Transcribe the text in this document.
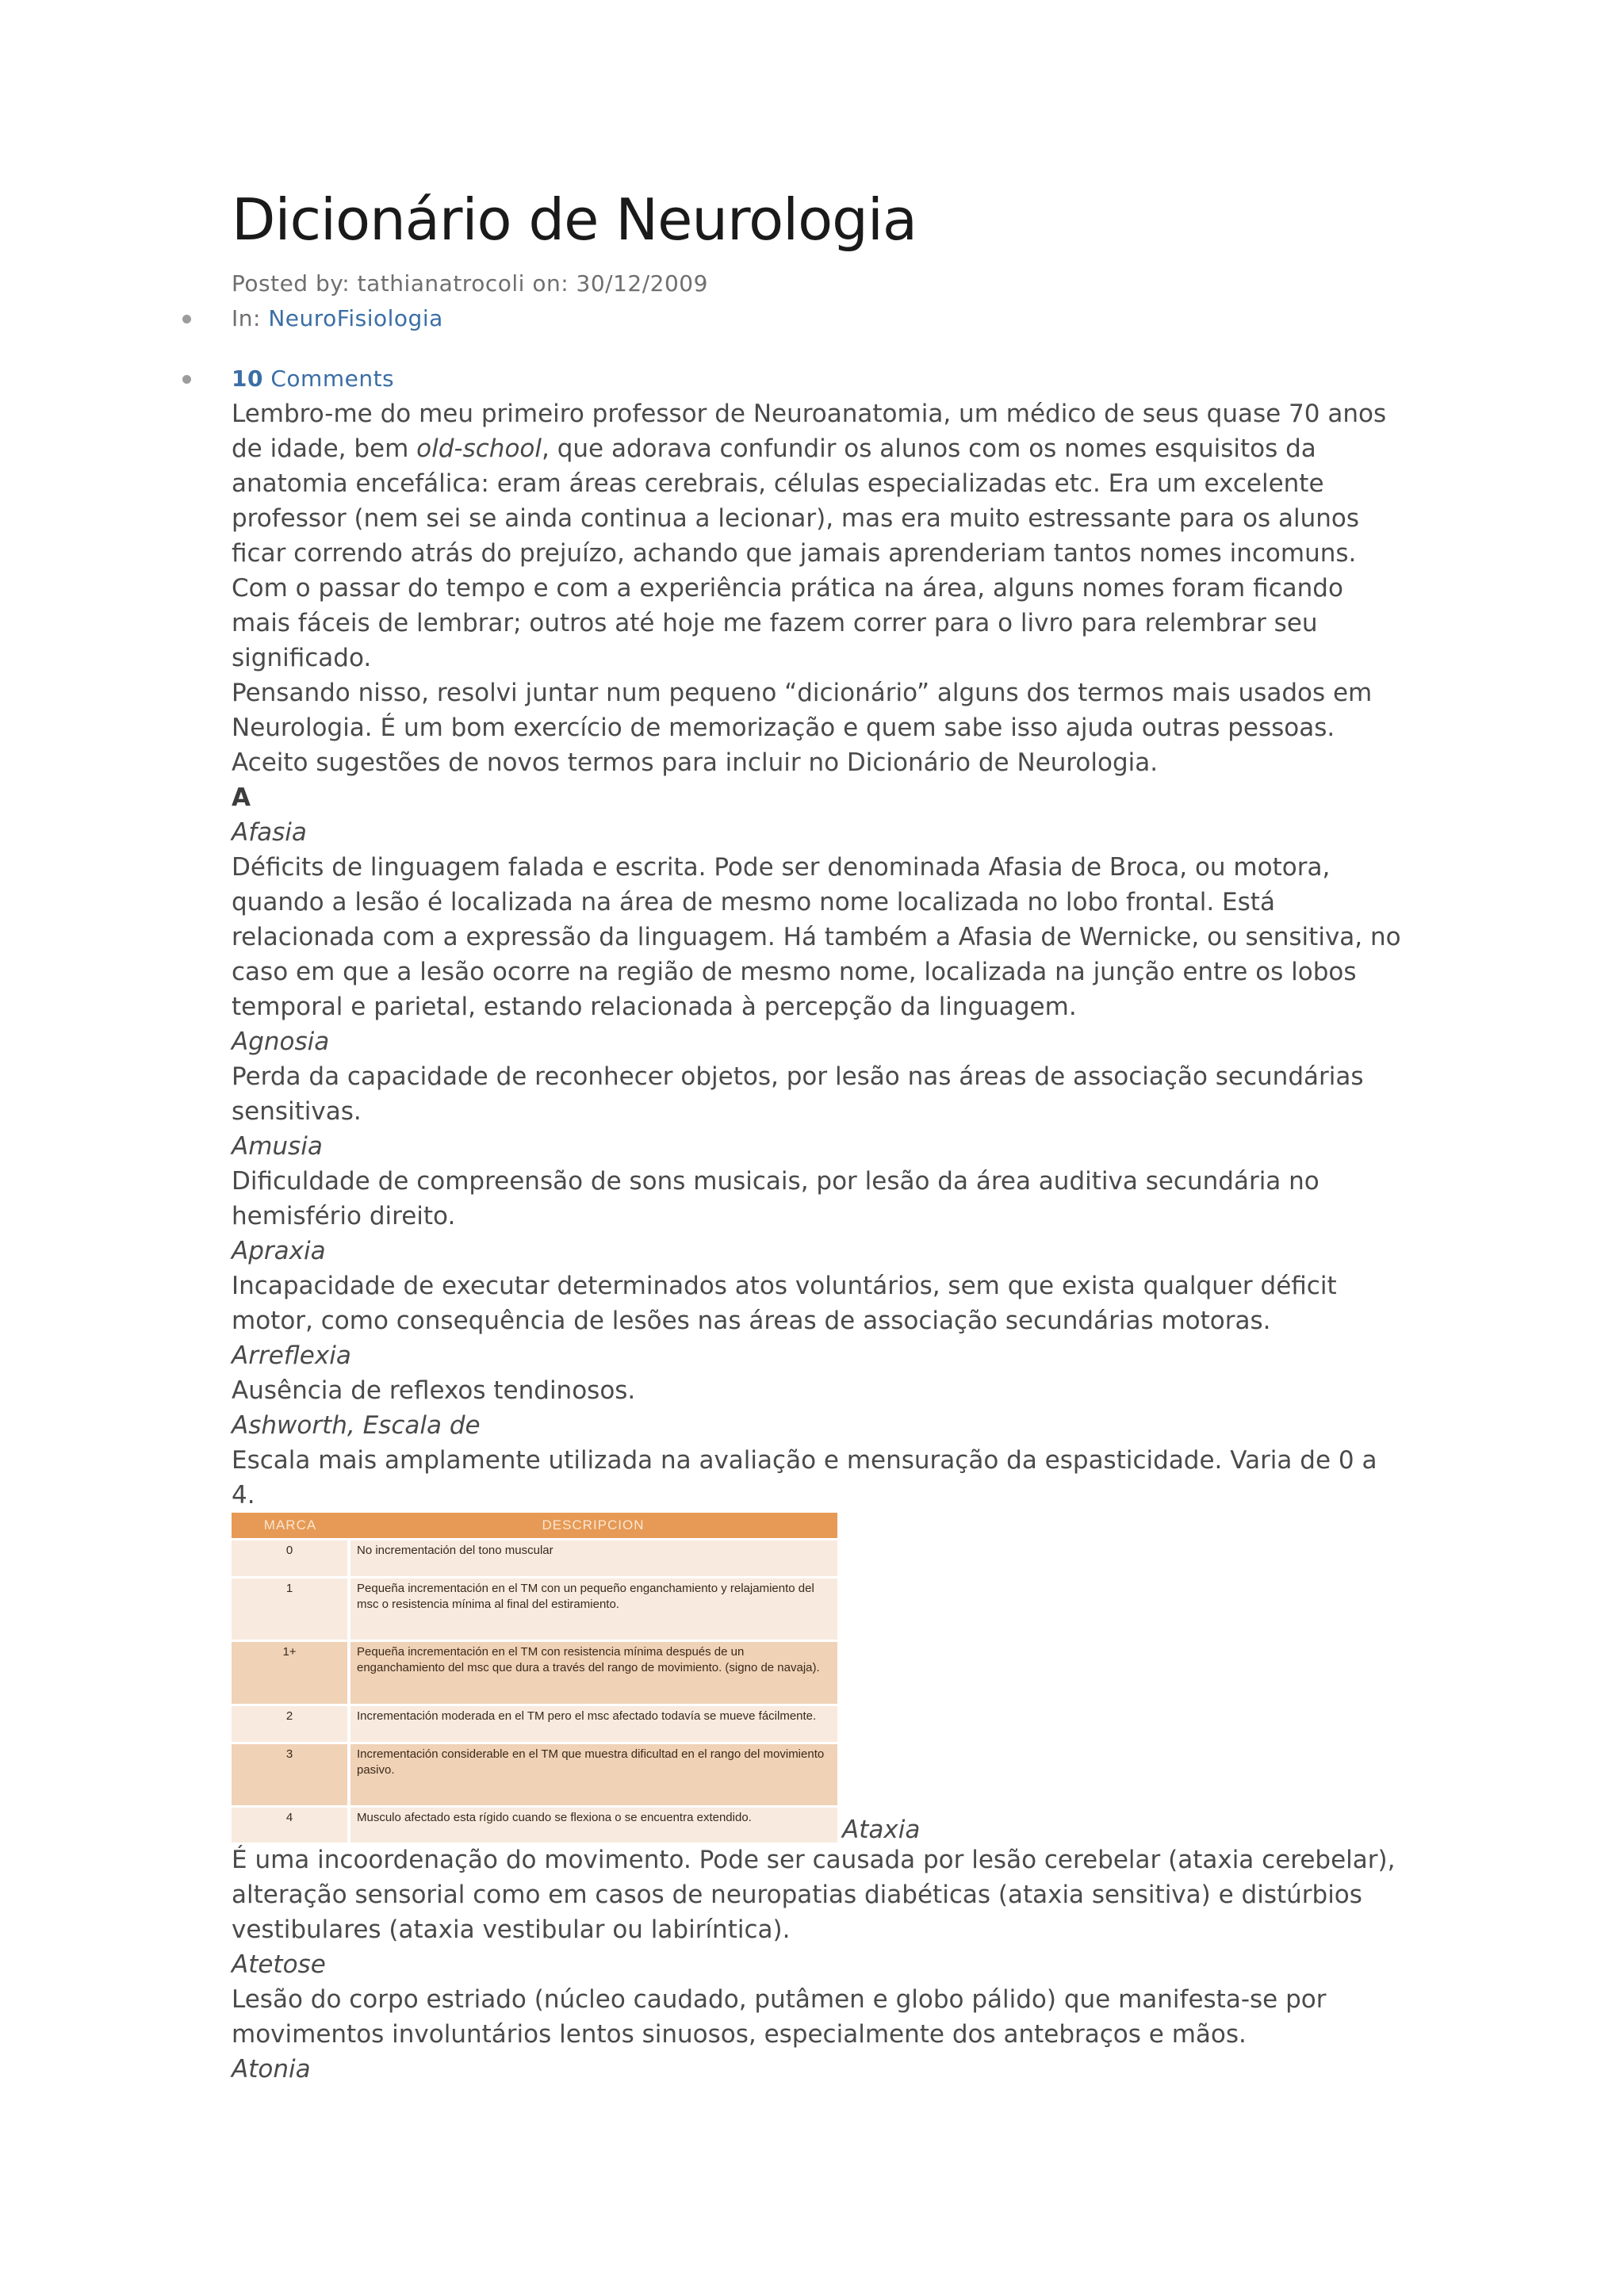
Dicionário de Neurologia
Posted by: tathianatrocoli on: 30/12/2009
In: NeuroFisiologia
10 Comments

Lembro-me do meu primeiro professor de Neuroanatomia, um médico de seus quase 70 anos de idade, bem old-school, que adorava confundir os alunos com os nomes esquisitos da anatomia encefálica: eram áreas cerebrais, células especializadas etc. Era um excelente professor (nem sei se ainda continua a lecionar), mas era muito estressante para os alunos ficar correndo atrás do prejuízo, achando que jamais aprenderiam tantos nomes incomuns. Com o passar do tempo e com a experiência prática na área, alguns nomes foram ficando mais fáceis de lembrar; outros até hoje me fazem correr para o livro para relembrar seu significado.

Pensando nisso, resolvi juntar num pequeno “dicionário” alguns dos termos mais usados em Neurologia. É um bom exercício de memorização e quem sabe isso ajuda outras pessoas. Aceito sugestões de novos termos para incluir no Dicionário de Neurologia.

A
Afasia

Déficits de linguagem falada e escrita. Pode ser denominada Afasia de Broca, ou motora, quando a lesão é localizada na área de mesmo nome localizada no lobo frontal. Está relacionada com a expressão da linguagem. Há também a Afasia de Wernicke, ou sensitiva, no caso em que a lesão ocorre na região de mesmo nome, localizada na junção entre os lobos temporal e parietal, estando relacionada à percepção da linguagem.

Agnosia

Perda da capacidade de reconhecer objetos, por lesão nas áreas de associação secundárias sensitivas.

Amusia

Dificuldade de compreensão de sons musicais, por lesão da área auditiva secundária no hemisfério direito.

Apraxia

Incapacidade de executar determinados atos voluntários, sem que exista qualquer déficit motor, como consequência de lesões nas áreas de associação secundárias motoras.

Arreflexia

Ausência de reflexos tendinosos.

Ashworth, Escala de

Escala mais amplamente utilizada na avaliação e mensuração da espasticidade. Varia de 0 a 4.

MARCA	DESCRIPCION
0	No incrementación del tono muscular
1	Pequeña incrementación en el TM con un pequeño enganchamiento y relajamiento del msc o resistencia mínima al final del estiramiento.
1+	Pequeña incrementación en el TM con resistencia mínima después de un enganchamiento del msc que dura a través del rango de movimiento. (signo de navaja).
2	Incrementación moderada en el TM pero el msc afectado todavía se mueve fácilmente.
3	Incrementación considerable en el TM que muestra dificultad en el rango del movimiento pasivo.
4	Musculo afectado esta rígido cuando se flexiona o se encuentra extendido.	Ataxia

É uma incoordenação do movimento. Pode ser causada por lesão cerebelar (ataxia cerebelar), alteração sensorial como em casos de neuropatias diabéticas (ataxia sensitiva) e distúrbios vestibulares (ataxia vestibular ou labiríntica).

Atetose

Lesão do corpo estriado (núcleo caudado, putâmen e globo pálido) que manifesta-se por movimentos involuntários lentos sinuosos, especialmente dos antebraços e mãos.

Atonia
